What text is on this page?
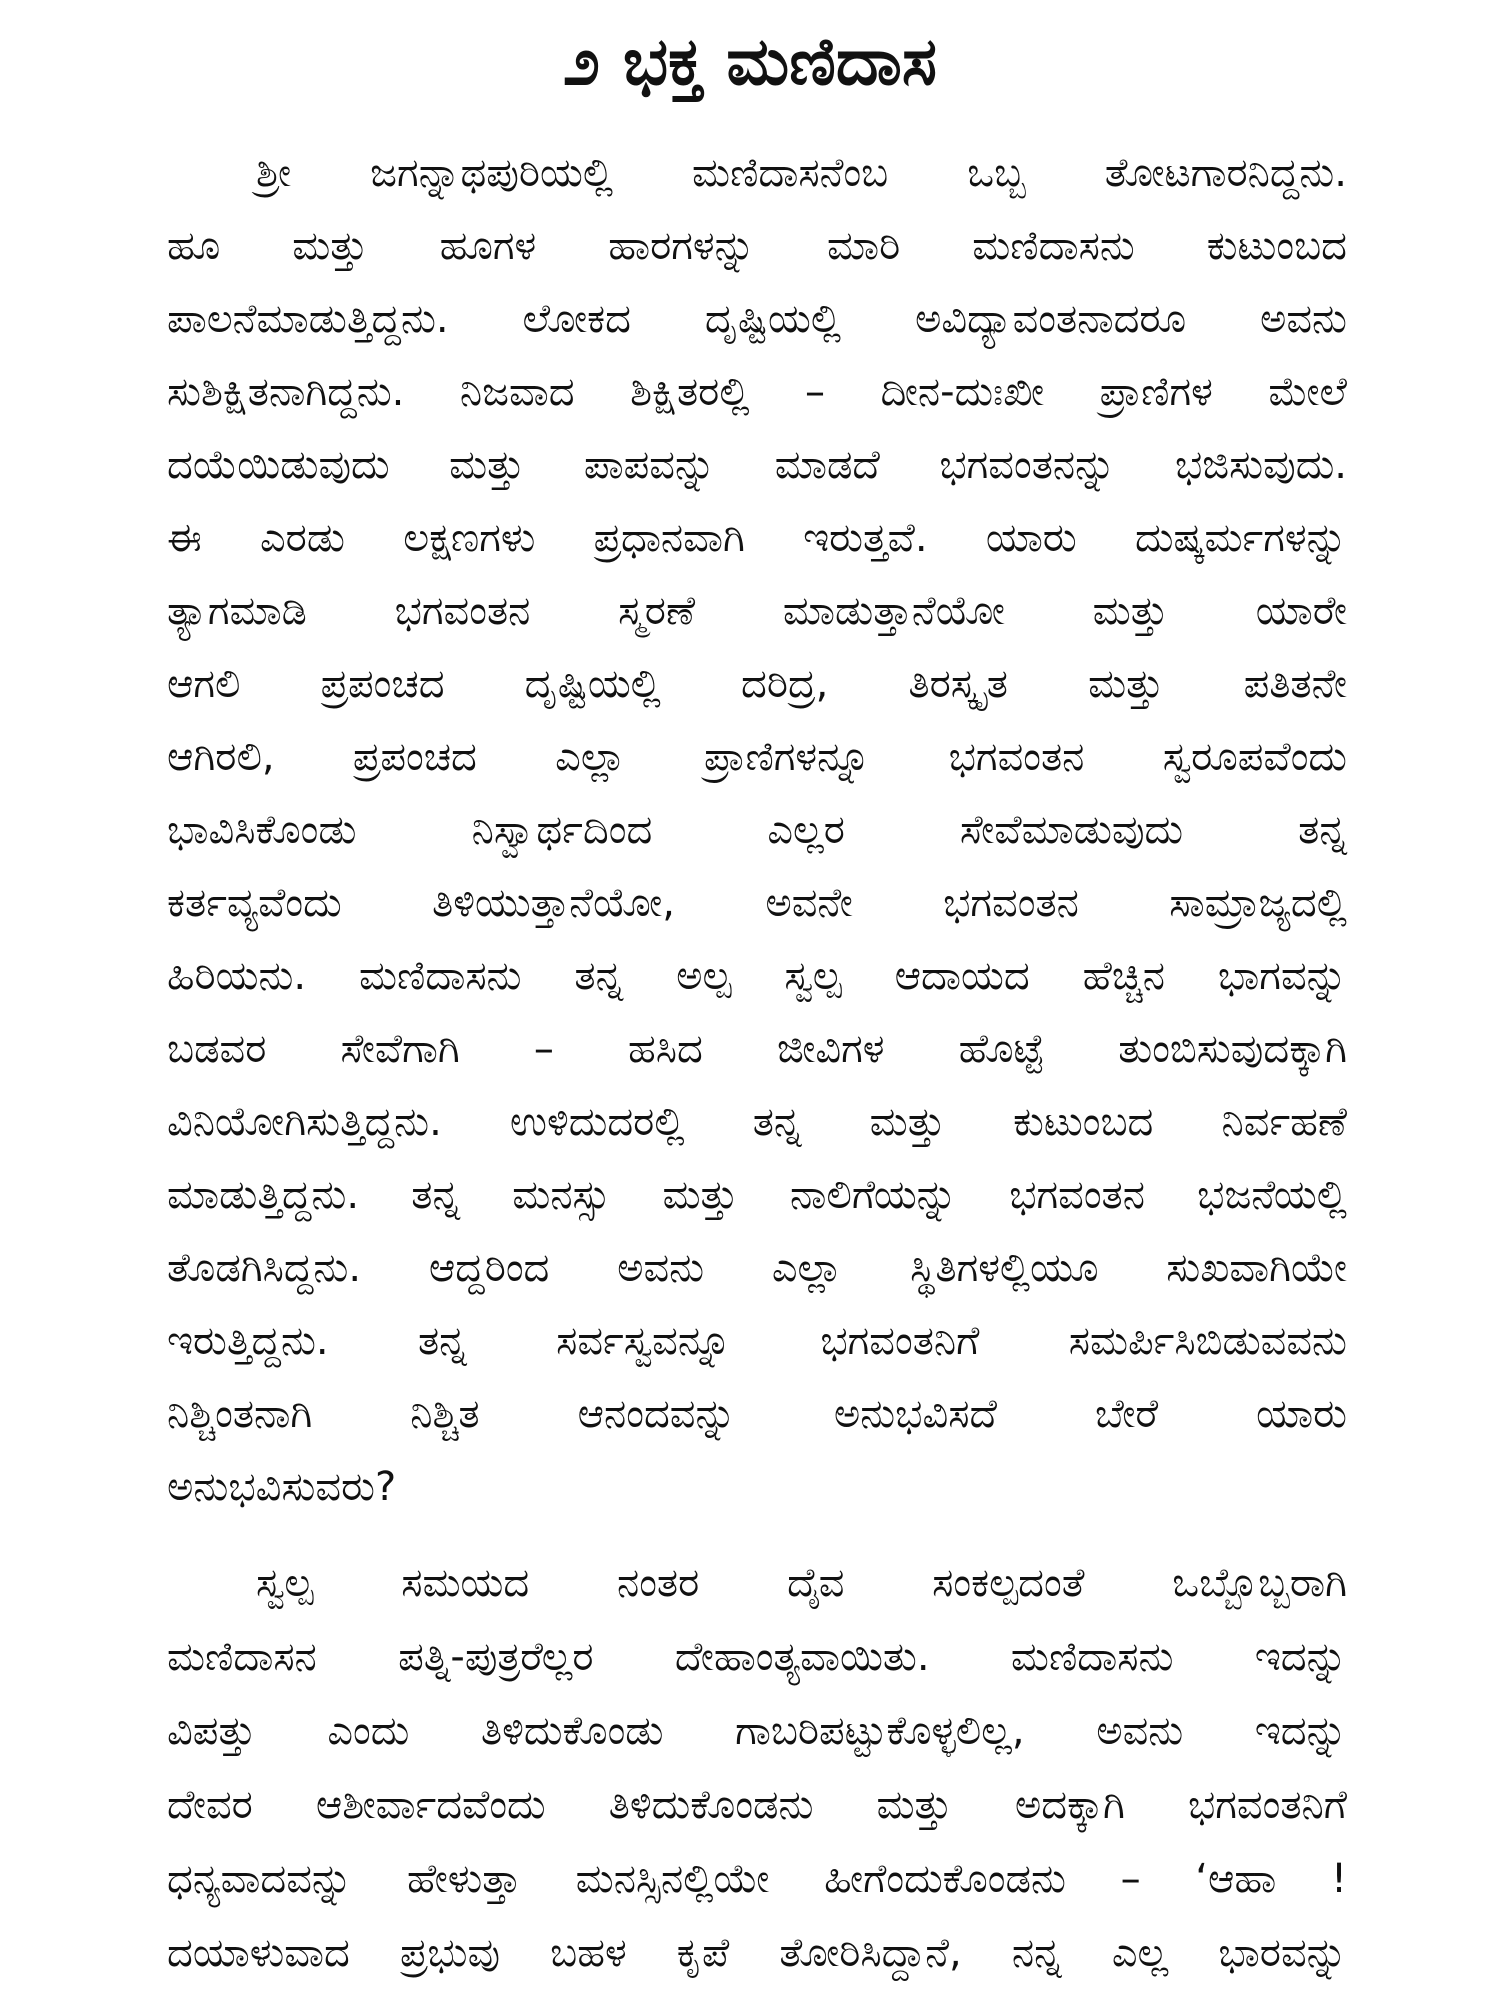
೨ ಭಕ್ತ ಮಣಿದಾಸ
ಶ್ರೀ ಜಗನ್ನಾಥಪುರಿಯಲ್ಲಿ ಮಣಿದಾಸನೆಂಬ ಒಬ್ಬ ತೋಟಗಾರನಿದ್ದನು.
ಹೂ ಮತ್ತು ಹೂಗಳ ಹಾರಗಳನ್ನು ಮಾರಿ ಮಣಿದಾಸನು ಕುಟುಂಬದ
ಪಾಲನೆಮಾಡುತ್ತಿದ್ದನು. ಲೋಕದ ದೃಷ್ಟಿಯಲ್ಲಿ ಅವಿದ್ಯಾವಂತನಾದರೂ ಅವನು
ಸುಶಿಕ್ಷಿತನಾಗಿದ್ದನು. ನಿಜವಾದ ಶಿಕ್ಷಿತರಲ್ಲಿ – ದೀನ-ದುಃಖೀ ಪ್ರಾಣಿಗಳ ಮೇಲೆ
ದಯೆಯಿಡುವುದು ಮತ್ತು ಪಾಪವನ್ನು ಮಾಡದೆ ಭಗವಂತನನ್ನು ಭಜಿಸುವುದು.
ಈ ಎರಡು ಲಕ್ಷಣಗಳು ಪ್ರಧಾನವಾಗಿ ಇರುತ್ತವೆ. ಯಾರು ದುಷ್ಕರ್ಮಗಳನ್ನು
ತ್ಯಾಗಮಾಡಿ ಭಗವಂತನ ಸ್ಮರಣೆ ಮಾಡುತ್ತಾನೆಯೋ ಮತ್ತು ಯಾರೇ
ಆಗಲಿ ಪ್ರಪಂಚದ ದೃಷ್ಟಿಯಲ್ಲಿ ದರಿದ್ರ, ತಿರಸ್ಕೃತ ಮತ್ತು ಪತಿತನೇ
ಆಗಿರಲಿ, ಪ್ರಪಂಚದ ಎಲ್ಲಾ ಪ್ರಾಣಿಗಳನ್ನೂ ಭಗವಂತನ ಸ್ವರೂಪವೆಂದು
ಭಾವಿಸಿಕೊಂಡು ನಿಸ್ವಾರ್ಥದಿಂದ ಎಲ್ಲರ ಸೇವೆಮಾಡುವುದು ತನ್ನ
ಕರ್ತವ್ಯವೆಂದು ತಿಳಿಯುತ್ತಾನೆಯೋ, ಅವನೇ ಭಗವಂತನ ಸಾಮ್ರಾಜ್ಯದಲ್ಲಿ
ಹಿರಿಯನು. ಮಣಿದಾಸನು ತನ್ನ ಅಲ್ಪ ಸ್ವಲ್ಪ ಆದಾಯದ ಹೆಚ್ಚಿನ ಭಾಗವನ್ನು
ಬಡವರ ಸೇವೆಗಾಗಿ – ಹಸಿದ ಜೀವಿಗಳ ಹೊಟ್ಟೆ ತುಂಬಿಸುವುದಕ್ಕಾಗಿ
ವಿನಿಯೋಗಿಸುತ್ತಿದ್ದನು. ಉಳಿದುದರಲ್ಲಿ ತನ್ನ ಮತ್ತು ಕುಟುಂಬದ ನಿರ್ವಹಣೆ
ಮಾಡುತ್ತಿದ್ದನು. ತನ್ನ ಮನಸ್ಸು ಮತ್ತು ನಾಲಿಗೆಯನ್ನು ಭಗವಂತನ ಭಜನೆಯಲ್ಲಿ
ತೊಡಗಿಸಿದ್ದನು. ಆದ್ದರಿಂದ ಅವನು ಎಲ್ಲಾ ಸ್ಥಿತಿಗಳಲ್ಲಿಯೂ ಸುಖವಾಗಿಯೇ
ಇರುತ್ತಿದ್ದನು. ತನ್ನ ಸರ್ವಸ್ವವನ್ನೂ ಭಗವಂತನಿಗೆ ಸಮರ್ಪಿಸಿಬಿಡುವವನು
ನಿಶ್ಚಿಂತನಾಗಿ ನಿಶ್ಚಿತ ಆನಂದವನ್ನು ಅನುಭವಿಸದೆ ಬೇರೆ ಯಾರು
ಅನುಭವಿಸುವರು?
ಸ್ವಲ್ಪ ಸಮಯದ ನಂತರ ದೈವ ಸಂಕಲ್ಪದಂತೆ ಒಬ್ಬೊಬ್ಬರಾಗಿ
ಮಣಿದಾಸನ ಪತ್ನಿ-ಪುತ್ರರೆಲ್ಲರ ದೇಹಾಂತ್ಯವಾಯಿತು. ಮಣಿದಾಸನು ಇದನ್ನು
ವಿಪತ್ತು ಎಂದು ತಿಳಿದುಕೊಂಡು ಗಾಬರಿಪಟ್ಟುಕೊಳ್ಳಲಿಲ್ಲ, ಅವನು ಇದನ್ನು
ದೇವರ ಆಶೀರ್ವಾದವೆಂದು ತಿಳಿದುಕೊಂಡನು ಮತ್ತು ಅದಕ್ಕಾಗಿ ಭಗವಂತನಿಗೆ
ಧನ್ಯವಾದವನ್ನು ಹೇಳುತ್ತಾ ಮನಸ್ಸಿನಲ್ಲಿಯೇ ಹೀಗೆಂದುಕೊಂಡನು – ‘ಆಹಾ !
ದಯಾಳುವಾದ ಪ್ರಭುವು ಬಹಳ ಕೃಪೆ ತೋರಿಸಿದ್ದಾನೆ, ನನ್ನ ಎಲ್ಲ ಭಾರವನ್ನು
